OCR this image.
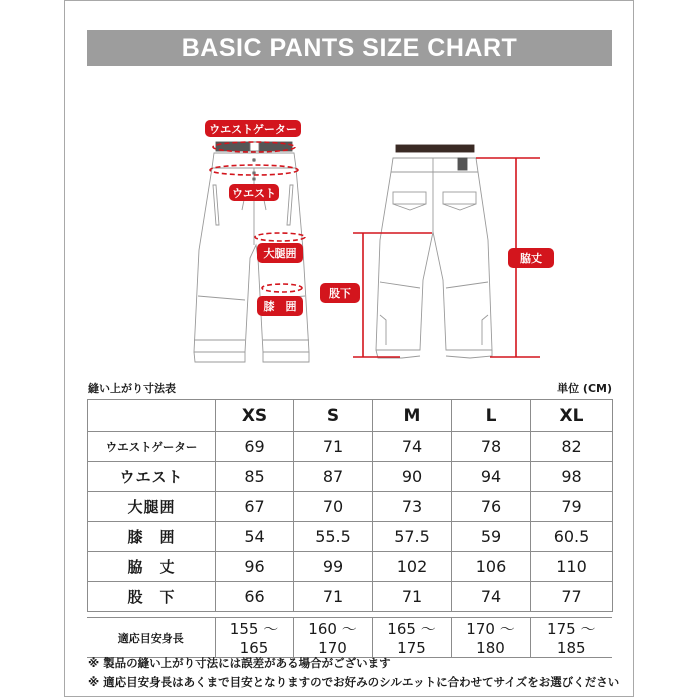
BASIC PANTS SIZE CHART
ウエストゲーター
ウエスト
大腿囲
膝　囲
股下
脇丈
縫い上がり寸法表	単位 (CM)
	XS	S	M	L	XL
ウエストゲーター	69	71	74	78	82
ウエスト	85	87	90	94	98
大腿囲	67	70	73	76	79
膝　囲	54	55.5	57.5	59	60.5
脇　丈	96	99	102	106	110
股　下	66	71	71	74	77
適応目安身長	155 ～ 165	160 ～ 170	165 ～ 175	170 ～ 180	175 ～ 185
※ 製品の縫い上がり寸法には誤差がある場合がございます
※ 適応目安身長はあくまで目安となりますのでお好みのシルエットに合わせてサイズをお選びください
